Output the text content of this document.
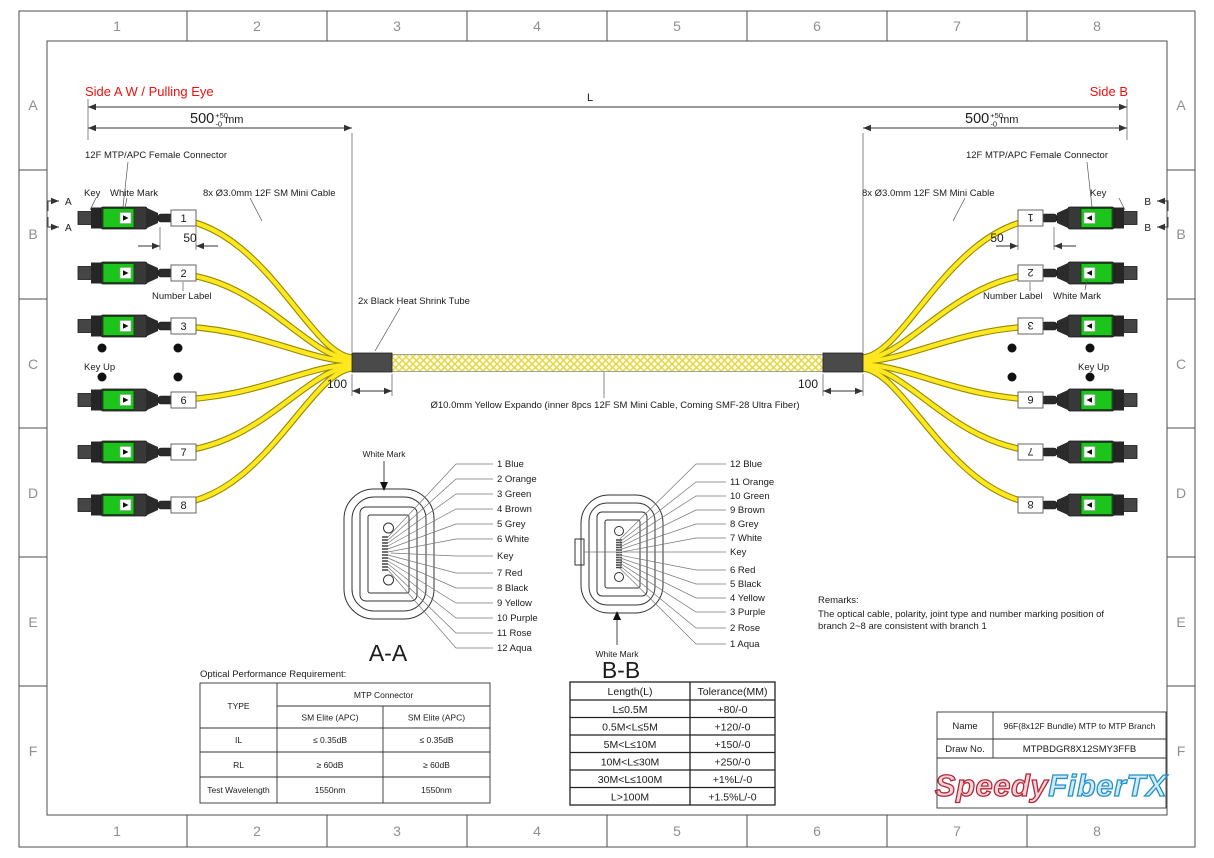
1	2	3	4	5	6	7	8
1	2	3	4	5	6	7	8
A
B
C
D
E
F
A
B
C
D
E
F
Side A W / Pulling Eye	Side B
L
$500^{+50}$ -0 $^{mm}$	$500^{+50}$ -0 $^{mm}$
100	100
2x Black Heat Shrink Tube
Ø10.0mm Yellow Expando (inner 8pcs 12F SM Mini Cable, Coming SMF-28 Ultra Fiber)
1
2
3
6
7
8
1
2
3
6
7
8
50	50
A
A
B
B
12F MTP/APC Female Connector
Key White Mark	8x Ø3.0mm 12F SM Mini Cable
Number Label
Key Up
12F MTP/APC Female Connector
Key
8x Ø3.0mm 12F SM Mini Cable
Number Label White Mark
Key Up
1 Blue
2 Orange
3 Green
4 Brown
5 Grey
6 White
Key
7 Red
8 Black
9 Yellow
10 Purple
11 Rose
12 Aqua
White Mark
A-A
12 Blue
11 Orange
10 Green
9 Brown
8 Grey
7 White
Key
6 Red
5 Black
4 Yellow
3 Purple
2 Rose
1 Aqua
White Mark
B-B
Remarks:
The optical cable, polarity, joint type and number marking position of
branch 2~8 are consistent with branch 1
Optical Performance Requirement:
TYPE
MTP Connector
SM Elite (APC)	SM Elite (APC)
IL	≤ 0.35dB	≤ 0.35dB
RL	≥ 60dB	≥ 60dB
Test Wavelength	1550nm	1550nm
Length(L)	Tolerance(MM)
L≤0.5M	+80/-0
0.5M<L≤5M	+120/-0
5M<L≤10M	+150/-0
10M<L≤30M	+250/-0
30M<L≤100M	+1%L/-0
L>100M	+1.5%L/-0
Name	96F(8x12F Bundle) MTP to MTP Branch
Draw No.	MTPBDGR8X12SMY3FFB
SpeedyFiberTX
